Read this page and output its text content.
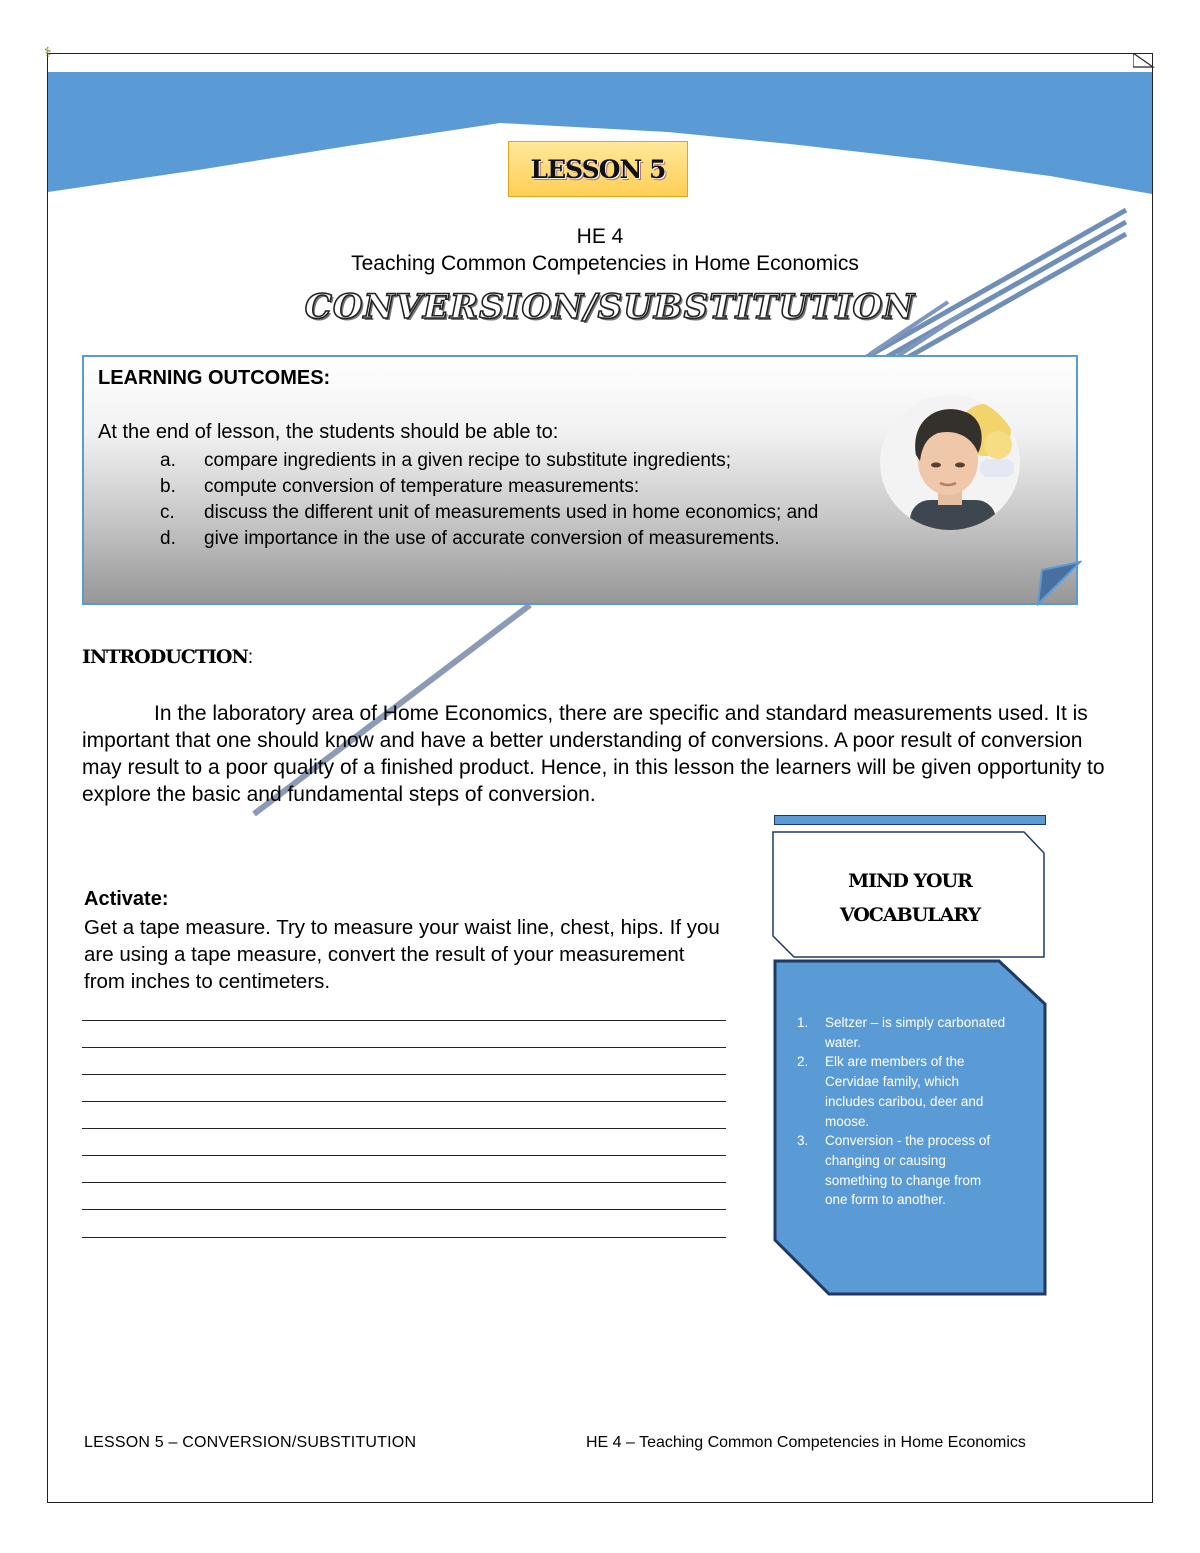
⚕
LESSON 5
HE 4
Teaching Common Competencies in Home Economics
CONVERSION/SUBSTITUTION
LEARNING OUTCOMES:
At the end of lesson, the students should be able to:
a.	compare ingredients in a given recipe to substitute ingredients;
b.	compute conversion of temperature measurements:
c.	discuss the different unit of measurements used in home economics; and
d.	give importance in the use of accurate conversion of measurements.
INTRODUCTION:

In the laboratory area of Home Economics, there are specific and standard measurements used. It is important that one should know and have a better understanding of conversions. A poor result of conversion may result to a poor quality of a finished product. Hence, in this lesson the learners will be given opportunity to explore the basic and fundamental steps of conversion.

MIND YOUR
VOCABULARY
1.	Seltzer – is simply carbonated water.
2.	Elk are members of the Cervidae family, which includes caribou, deer and moose.
3.	Conversion - the process of changing or causing something to change from one form to another.
Activate:

Get a tape measure. Try to measure your waist line, chest, hips. If you are using a tape measure, convert the result of your measurement from inches to centimeters.

LESSON 5 – CONVERSION/SUBSTITUTION	HE 4 – Teaching Common Competencies in Home Economics
